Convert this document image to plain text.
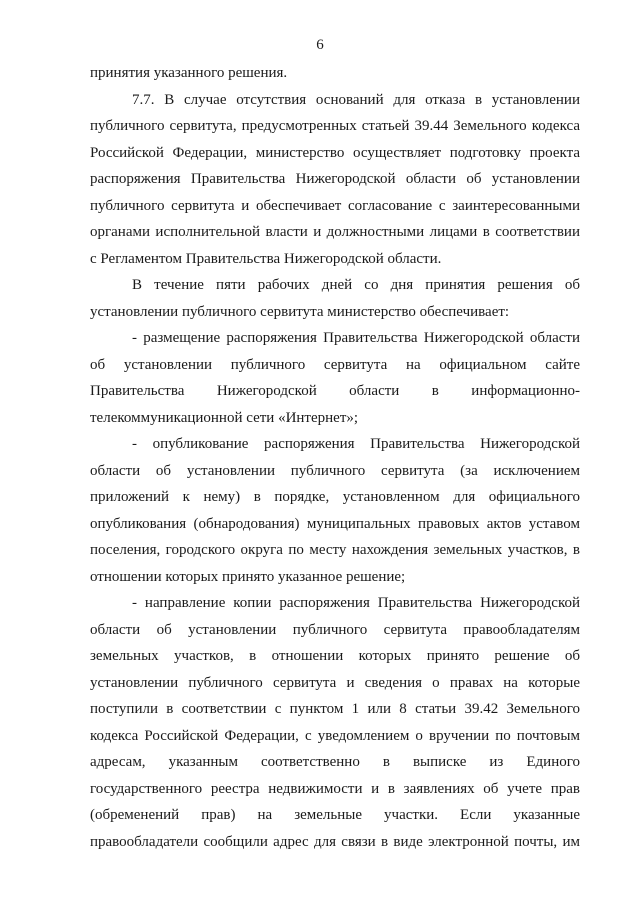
6
принятия указанного решения.
7.7. В случае отсутствия оснований для отказа в установлении
публичного сервитута, предусмотренных статьей 39.44 Земельного кодекса
Российской Федерации, министерство осуществляет подготовку проекта
распоряжения Правительства Нижегородской области об установлении
публичного сервитута и обеспечивает согласование с заинтересованными
органами исполнительной власти и должностными лицами в соответствии
с Регламентом Правительства Нижегородской области.
В течение пяти рабочих дней со дня принятия решения об
установлении публичного сервитута министерство обеспечивает:
- размещение распоряжения Правительства Нижегородской области
об установлении публичного сервитута на официальном сайте
Правительства Нижегородской области в информационно-
телекоммуникационной сети «Интернет»;
- опубликование распоряжения Правительства Нижегородской
области об установлении публичного сервитута (за исключением
приложений к нему) в порядке, установленном для официального
опубликования (обнародования) муниципальных правовых актов уставом
поселения, городского округа по месту нахождения земельных участков, в
отношении которых принято указанное решение;
- направление копии распоряжения Правительства Нижегородской
области об установлении публичного сервитута правообладателям
земельных участков, в отношении которых принято решение об
установлении публичного сервитута и сведения о правах на которые
поступили в соответствии с пунктом 1 или 8 статьи 39.42 Земельного
кодекса Российской Федерации, с уведомлением о вручении по почтовым
адресам, указанным соответственно в выписке из Единого
государственного реестра недвижимости и в заявлениях об учете прав
(обременений прав) на земельные участки. Если указанные
правообладатели сообщили адрес для связи в виде электронной почты, им
